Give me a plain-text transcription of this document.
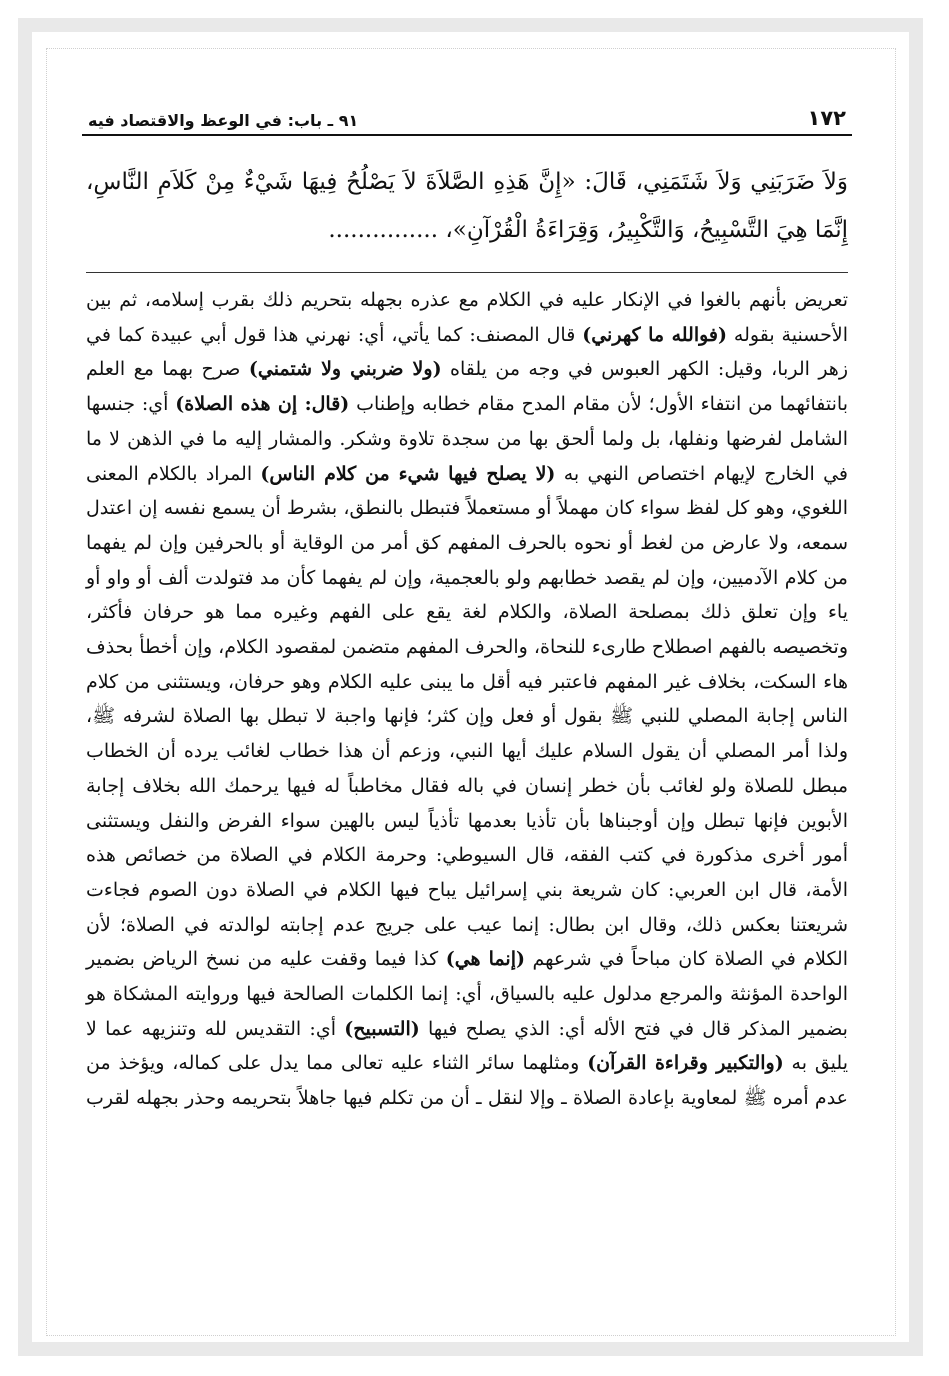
١٧٢
٩١ ـ باب: في الوعظ والاقتصاد فيه
وَلاَ ضَرَبَنِي وَلاَ شَتَمَنِي، قَالَ: «إِنَّ هَذِهِ الصَّلاَةَ لاَ يَصْلُحُ فِيهَا شَيْءٌ مِنْ كَلاَمِ النَّاسِ، إِنَّمَا هِيَ التَّسْبِيحُ، وَالتَّكْبِيرُ، وَقِرَاءَةُ الْقُرْآنِ»، ...............
تعريض بأنهم بالغوا في الإنكار عليه في الكلام مع عذره بجهله بتحريم ذلك بقرب إسلامه، ثم بين الأحسنية بقوله (فوالله ما كهرني) قال المصنف: كما يأتي، أي: نهرني هذا قول أبي عبيدة كما في زهر الربا، وقيل: الكهر العبوس في وجه من يلقاه (ولا ضربني ولا شتمني) صرح بهما مع العلم بانتفائهما من انتفاء الأول؛ لأن مقام المدح مقام خطابه وإطناب (قال: إن هذه الصلاة) أي: جنسها الشامل لفرضها ونفلها، بل ولما ألحق بها من سجدة تلاوة وشكر. والمشار إليه ما في الذهن لا ما في الخارج لإيهام اختصاص النهي به (لا يصلح فيها شيء من كلام الناس) المراد بالكلام المعنى اللغوي، وهو كل لفظ سواء كان مهملاً أو مستعملاً فتبطل بالنطق، بشرط أن يسمع نفسه إن اعتدل سمعه، ولا عارض من لغط أو نحوه بالحرف المفهم كق أمر من الوقاية أو بالحرفين وإن لم يفهما من كلام الآدميين، وإن لم يقصد خطابهم ولو بالعجمية، وإن لم يفهما كأن مد فتولدت ألف أو واو أو ياء وإن تعلق ذلك بمصلحة الصلاة، والكلام لغة يقع على الفهم وغيره مما هو حرفان فأكثر، وتخصيصه بالفهم اصطلاح طارىء للنحاة، والحرف المفهم متضمن لمقصود الكلام، وإن أخطأ بحذف هاء السكت، بخلاف غير المفهم فاعتبر فيه أقل ما يبنى عليه الكلام وهو حرفان، ويستثنى من كلام الناس إجابة المصلي للنبي ﷺ بقول أو فعل وإن كثر؛ فإنها واجبة لا تبطل بها الصلاة لشرفه ﷺ، ولذا أمر المصلي أن يقول السلام عليك أيها النبي، وزعم أن هذا خطاب لغائب يرده أن الخطاب مبطل للصلاة ولو لغائب بأن خطر إنسان في باله فقال مخاطباً له فيها يرحمك الله بخلاف إجابة الأبوين فإنها تبطل وإن أوجبناها بأن تأذيا بعدمها تأذياً ليس بالهين سواء الفرض والنفل ويستثنى أمور أخرى مذكورة في كتب الفقه، قال السيوطي: وحرمة الكلام في الصلاة من خصائص هذه الأمة، قال ابن العربي: كان شريعة بني إسرائيل يباح فيها الكلام في الصلاة دون الصوم فجاءت شريعتنا بعكس ذلك، وقال ابن بطال: إنما عيب على جريج عدم إجابته لوالدته في الصلاة؛ لأن الكلام في الصلاة كان مباحاً في شرعهم (إنما هي) كذا فيما وقفت عليه من نسخ الرياض بضمير الواحدة المؤنثة والمرجع مدلول عليه بالسياق، أي: إنما الكلمات الصالحة فيها وروايته المشكاة هو بضمير المذكر قال في فتح الأله أي: الذي يصلح فيها (التسبيح) أي: التقديس لله وتنزيهه عما لا يليق به (والتكبير وقراءة القرآن) ومثلهما سائر الثناء عليه تعالى مما يدل على كماله، ويؤخذ من عدم أمره ﷺ لمعاوية بإعادة الصلاة ـ وإلا لنقل ـ أن من تكلم فيها جاهلاً بتحريمه وحذر بجهله لقرب
